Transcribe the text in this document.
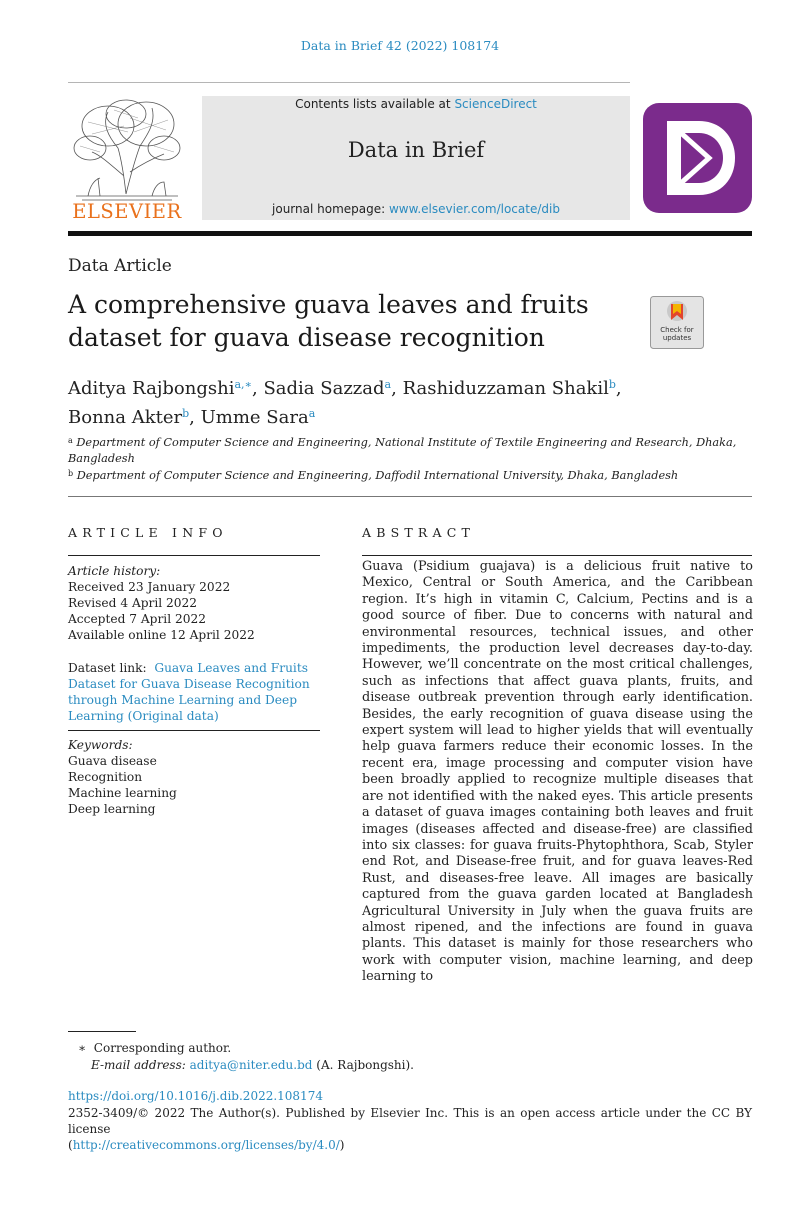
Data in Brief 42 (2022) 108174
ELSEVIER
Contents lists available at ScienceDirect
Data in Brief
journal homepage: www.elsevier.com/locate/dib
Data Article
A comprehensive guava leaves and fruits
dataset for guava disease recognition	Check for
updates
Aditya Rajbongshi$^{a,∗}$, Sadia Sazzad$^a$, Rashiduzzaman Shakil$^b$,
Bonna Akter$^b$, Umme Sara$^a$
$^a$ Department of Computer Science and Engineering, National Institute of Textile Engineering and Research, Dhaka, Bangladesh
$^b$ Department of Computer Science and Engineering, Daffodil International University, Dhaka, Bangladesh
ARTICLE INFO	ABSTRACT
Article history:
Received 23 January 2022
Revised 4 April 2022
Accepted 7 April 2022
Available online 12 April 2022
Dataset link: Guava Leaves and Fruits Dataset for Guava Disease Recognition through Machine Learning and Deep Learning (Original data)
Keywords:
Guava disease
Recognition
Machine learning
Deep learning
Guava (Psidium guajava) is a delicious fruit native to Mexico, Central or South America, and the Caribbean region. It’s high in vitamin C, Calcium, Pectins and is a good source of fiber. Due to concerns with natural and environmental resources, technical issues, and other impediments, the production level decreases day-to-day. However, we’ll concentrate on the most critical challenges, such as infections that affect guava plants, fruits, and disease outbreak prevention through early identification. Besides, the early recognition of guava disease using the expert system will lead to higher yields that will eventually help guava farmers reduce their economic losses. In the recent era, image processing and computer vision have been broadly applied to recognize multiple diseases that are not identified with the naked eyes. This article presents a dataset of guava images containing both leaves and fruit images (diseases affected and disease-free) are classified into six classes: for guava fruits-Phytophthora, Scab, Styler end Rot, and Disease-free fruit, and for guava leaves-Red Rust, and diseases-free leave. All images are basically captured from the guava garden located at Bangladesh Agricultural University in July when the guava fruits are almost ripened, and the infections are found in guava plants. This dataset is mainly for those researchers who work with computer vision, machine learning, and deep learning to
∗ Corresponding author.
E-mail address: aditya@niter.edu.bd (A. Rajbongshi).
https://doi.org/10.1016/j.dib.2022.108174
2352-3409/© 2022 The Author(s). Published by Elsevier Inc. This is an open access article under the CC BY license
(http://creativecommons.org/licenses/by/4.0/)
